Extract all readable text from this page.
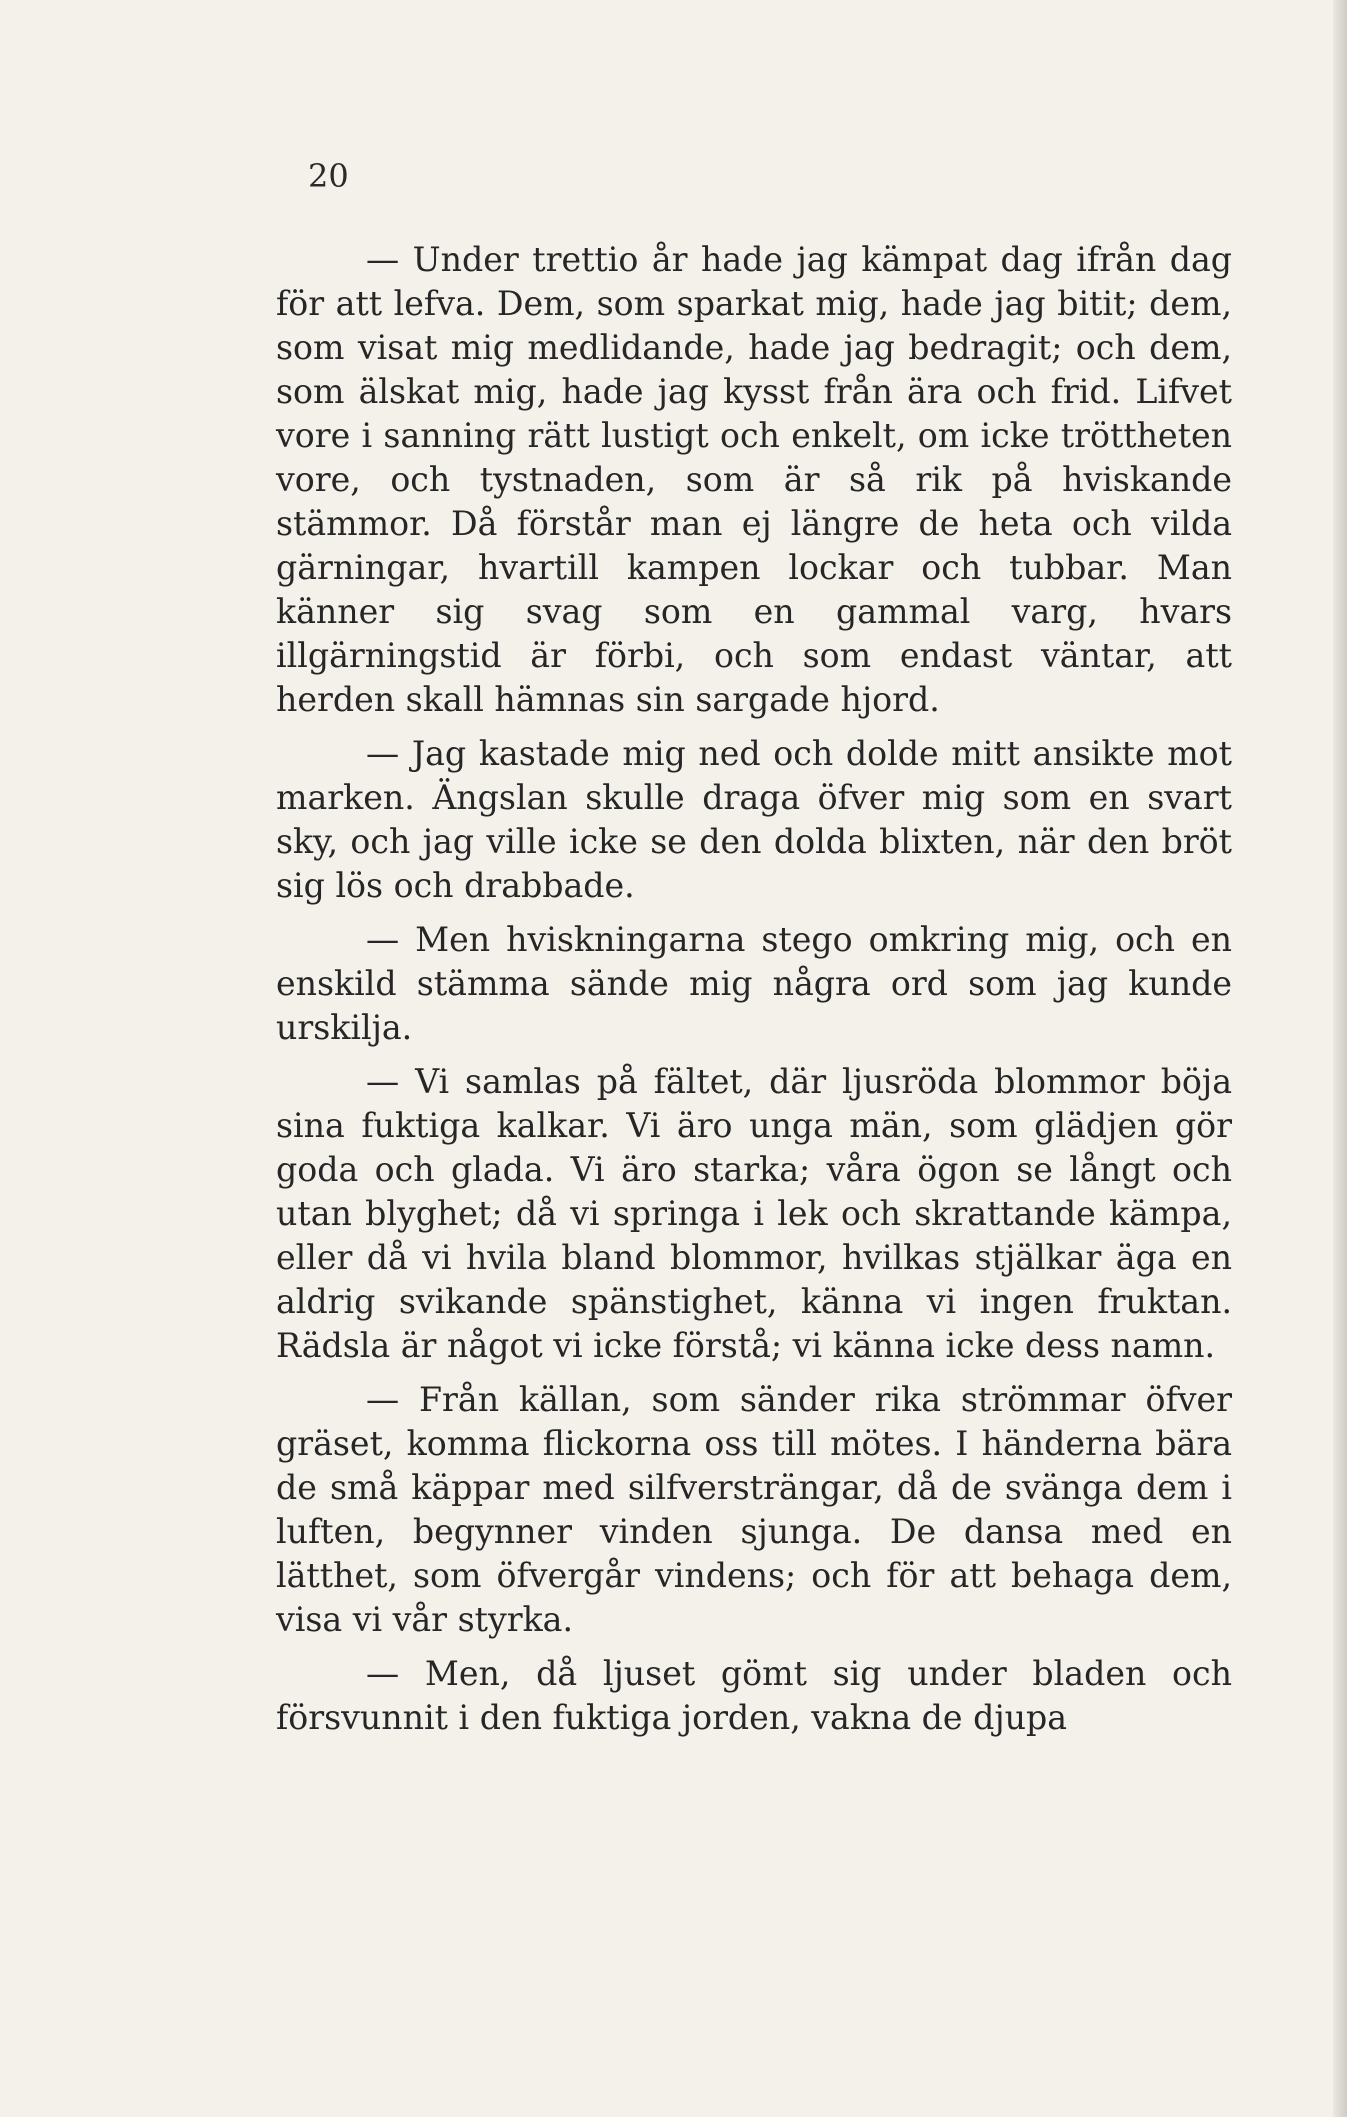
20

— Under trettio år hade jag kämpat dag ifrån dag för att lefva. Dem, som sparkat mig, hade jag bitit; dem, som visat mig medlidande, hade jag bedragit; och dem, som älskat mig, hade jag kysst från ära och frid. Lifvet vore i sanning rätt lustigt och enkelt, om icke tröttheten vore, och tystnaden, som är så rik på hviskande stämmor. Då förstår man ej längre de heta och vilda gärningar, hvartill kampen lockar och tubbar. Man känner sig svag som en gammal varg, hvars illgärningstid är förbi, och som endast väntar, att herden skall hämnas sin sargade hjord.

— Jag kastade mig ned och dolde mitt ansikte mot marken. Ängslan skulle draga öfver mig som en svart sky, och jag ville icke se den dolda blixten, när den bröt sig lös och drabbade.

— Men hviskningarna stego omkring mig, och en enskild stämma sände mig några ord som jag kunde urskilja.

— Vi samlas på fältet, där ljusröda blommor böja sina fuktiga kalkar. Vi äro unga män, som glädjen gör goda och glada. Vi äro starka; våra ögon se långt och utan blyghet; då vi springa i lek och skrattande kämpa, eller då vi hvila bland blommor, hvilkas stjälkar äga en aldrig svikande spänstighet, känna vi ingen fruktan. Rädsla är något vi icke förstå; vi känna icke dess namn.

— Från källan, som sänder rika strömmar öfver gräset, komma flickorna oss till mötes. I händerna bära de små käppar med silfversträngar, då de svänga dem i luften, begynner vinden sjunga. De dansa med en lätthet, som öfvergår vindens; och för att behaga dem, visa vi vår styrka.

— Men, då ljuset gömt sig under bladen och försvunnit i den fuktiga jorden, vakna de djupa
